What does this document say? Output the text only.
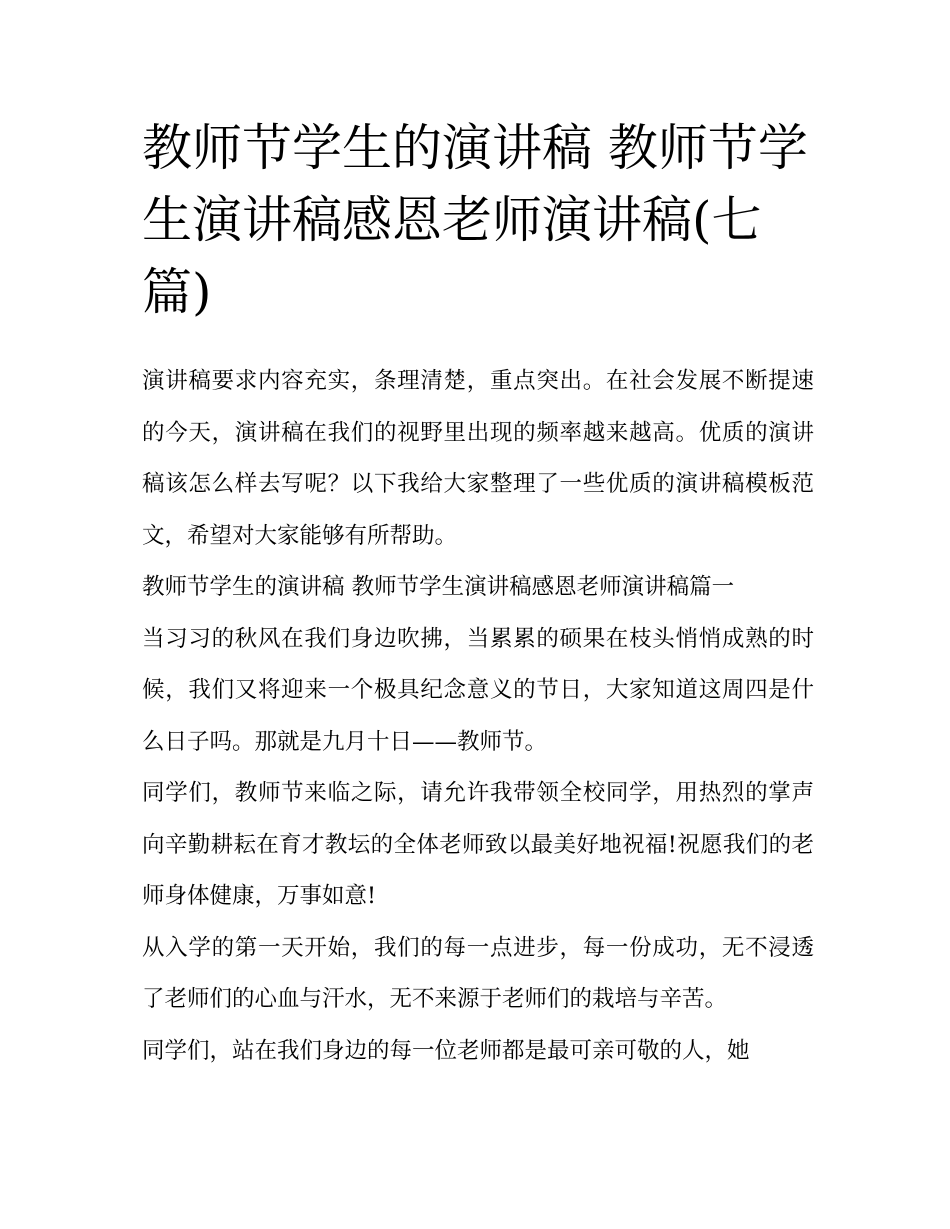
教师节学生的演讲稿 教师节学生演讲稿感恩老师演讲稿(七篇)

演讲稿要求内容充实，条理清楚，重点突出。在社会发展不断提速的今天，演讲稿在我们的视野里出现的频率越来越高。优质的演讲稿该怎么样去写呢？以下我给大家整理了一些优质的演讲稿模板范文，希望对大家能够有所帮助。

教师节学生的演讲稿 教师节学生演讲稿感恩老师演讲稿篇一

当习习的秋风在我们身边吹拂，当累累的硕果在枝头悄悄成熟的时候，我们又将迎来一个极具纪念意义的节日，大家知道这周四是什么日子吗。那就是九月十日——教师节。

同学们，教师节来临之际，请允许我带领全校同学，用热烈的掌声向辛勤耕耘在育才教坛的全体老师致以最美好地祝福!祝愿我们的老师身体健康，万事如意!

从入学的第一天开始，我们的每一点进步，每一份成功，无不浸透了老师们的心血与汗水，无不来源于老师们的栽培与辛苦。

同学们，站在我们身边的每一位老师都是最可亲可敬的人，她
